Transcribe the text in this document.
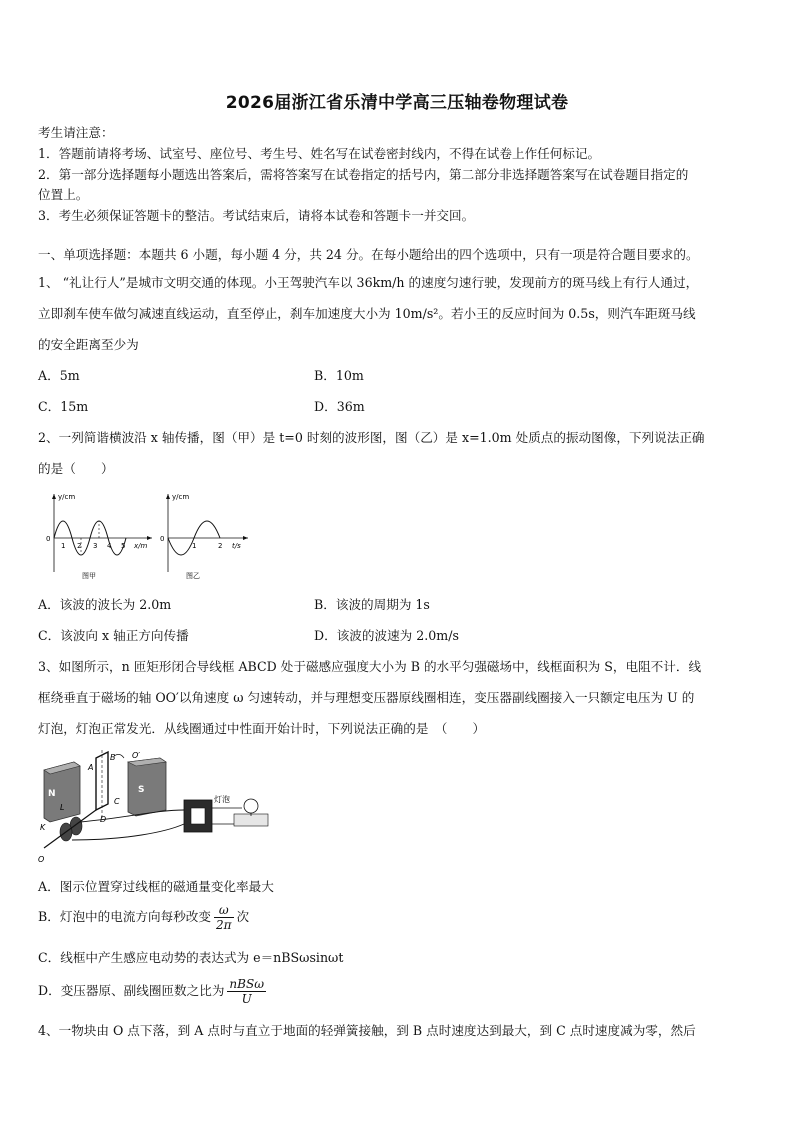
2026届浙江省乐清中学高三压轴卷物理试卷
考生请注意：
1．答题前请将考场、试室号、座位号、考生号、姓名写在试卷密封线内，不得在试卷上作任何标记。
2．第一部分选择题每小题选出答案后，需将答案写在试卷指定的括号内，第二部分非选择题答案写在试卷题目指定的
位置上。
3．考生必须保证答题卡的整洁。考试结束后，请将本试卷和答题卡一并交回。
一、单项选择题：本题共 6 小题，每小题 4 分，共 24 分。在每小题给出的四个选项中，只有一项是符合题目要求的。
1、 “礼让行人”是城市文明交通的体现。小王驾驶汽车以 36km/h 的速度匀速行驶，发现前方的斑马线上有行人通过，
立即刹车使车做匀减速直线运动，直至停止，刹车加速度大小为 10m/s²。若小王的反应时间为 0.5s，则汽车距斑马线
的安全距离至少为
A．5m	B．10m
C．15m	D．36m
2、一列简谐横波沿 x 轴传播，图（甲）是 t=0 时刻的波形图，图（乙）是 x=1.0m 处质点的振动图像，下列说法正确
的是（　　）
y/cm
0
1 2 3 4 5 x/m
图甲
y/cm
0
1	2 t/s
图乙
A．该波的波长为 2.0m	B．该波的周期为 1s
C．该波向 x 轴正方向传播	D．该波的波速为 2.0m/s
3、如图所示，n 匝矩形闭合导线框 ABCD 处于磁感应强度大小为 B 的水平匀强磁场中，线框面积为 S，电阻不计．线
框绕垂直于磁场的轴 OO′以角速度 ω 匀速转动，并与理想变压器原线圈相连，变压器副线圈接入一只额定电压为 U 的
灯泡，灯泡正常发光．从线圈通过中性面开始计时，下列说法正确的是　（　　）
N	S
A
B
C
D
O′
L
K
O
灯泡
A．图示位置穿过线框的磁通量变化率最大
B．灯泡中的电流方向每秒改变 $\frac{\omega}{2\pi}$ 次
C．线框中产生感应电动势的表达式为 e＝nBSωsinωt
D．变压器原、副线圈匝数之比为 $\frac{\text{nBSω}}{U}$
4、一物块由 O 点下落，到 A 点时与直立于地面的轻弹簧接触，到 B 点时速度达到最大，到 C 点时速度减为零，然后
